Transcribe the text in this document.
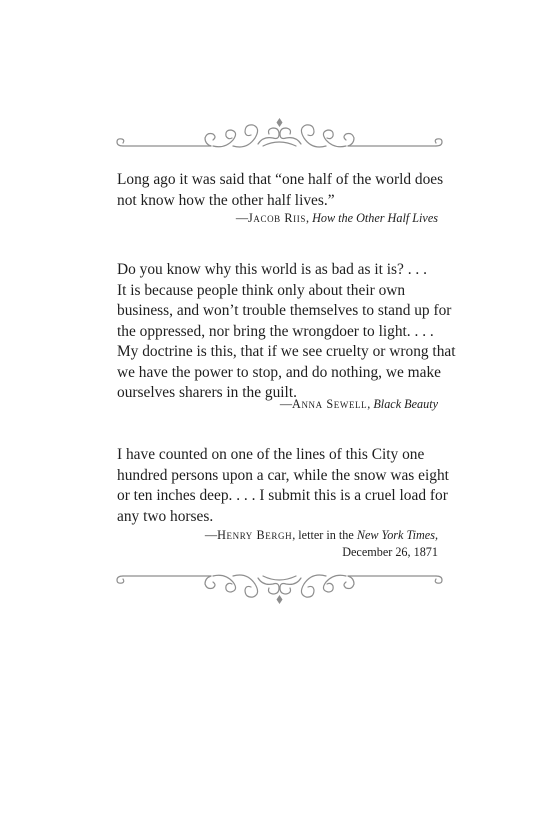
Long ago it was said that “one half of the world does
not know how the other half lives.”

—Jacob Riis, How the Other Half Lives

Do you know why this world is as bad as it is? . . .
It is because people think only about their own
business, and won’t trouble themselves to stand up for
the oppressed, nor bring the wrongdoer to light. . . .
My doctrine is this, that if we see cruelty or wrong that
we have the power to stop, and do nothing, we make
ourselves sharers in the guilt.

—Anna Sewell, Black Beauty

I have counted on one of the lines of this City one
hundred persons upon a car, while the snow was eight
or ten inches deep. . . . I submit this is a cruel load for
any two horses.

—Henry Bergh, letter in the New York Times,
December 26, 1871
